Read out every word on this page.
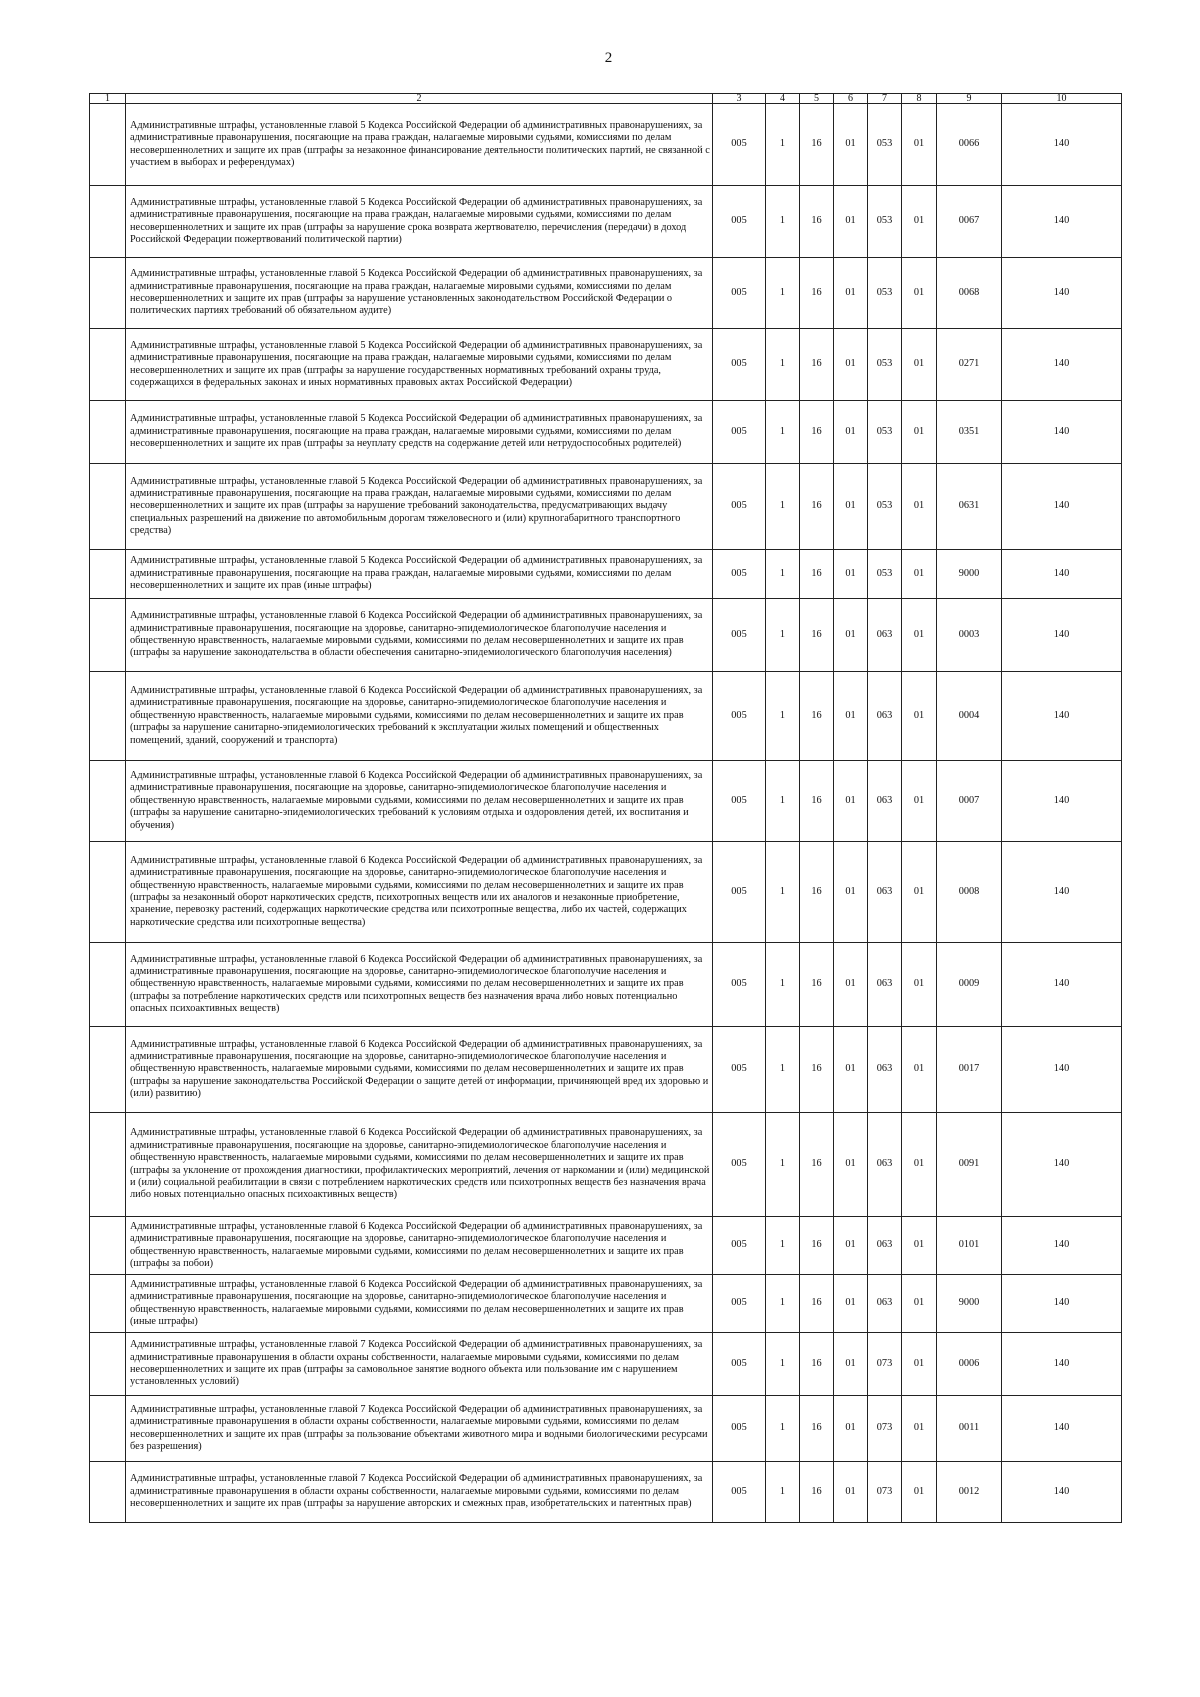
2
1	2	3	4	5	6	7	8	9	10
	Административные штрафы, установленные главой 5 Кодекса Российской Федерации об административных правонарушениях, за административные правонарушения, посягающие на права граждан, налагаемые мировыми судьями, комиссиями по делам несовершеннолетних и защите их прав (штрафы за незаконное финансирование деятельности политических партий, не связанной с участием в выборах и референдумах)	005	1	16	01	053	01	0066	140
	Административные штрафы, установленные главой 5 Кодекса Российской Федерации об административных правонарушениях, за административные правонарушения, посягающие на права граждан, налагаемые мировыми судьями, комиссиями по делам несовершеннолетних и защите их прав (штрафы за нарушение срока возврата жертвователю, перечисления (передачи) в доход Российской Федерации пожертвований политической партии)	005	1	16	01	053	01	0067	140
	Административные штрафы, установленные главой 5 Кодекса Российской Федерации об административных правонарушениях, за административные правонарушения, посягающие на права граждан, налагаемые мировыми судьями, комиссиями по делам несовершеннолетних и защите их прав (штрафы за нарушение установленных законодательством Российской Федерации о политических партиях требований об обязательном аудите)	005	1	16	01	053	01	0068	140
	Административные штрафы, установленные главой 5 Кодекса Российской Федерации об административных правонарушениях, за административные правонарушения, посягающие на права граждан, налагаемые мировыми судьями, комиссиями по делам несовершеннолетних и защите их прав (штрафы за нарушение государственных нормативных требований охраны труда, содержащихся в федеральных законах и иных нормативных правовых актах Российской Федерации)	005	1	16	01	053	01	0271	140
	Административные штрафы, установленные главой 5 Кодекса Российской Федерации об административных правонарушениях, за административные правонарушения, посягающие на права граждан, налагаемые мировыми судьями, комиссиями по делам несовершеннолетних и защите их прав (штрафы за неуплату средств на содержание детей или нетрудоспособных родителей)	005	1	16	01	053	01	0351	140
	Административные штрафы, установленные главой 5 Кодекса Российской Федерации об административных правонарушениях, за административные правонарушения, посягающие на права граждан, налагаемые мировыми судьями, комиссиями по делам несовершеннолетних и защите их прав (штрафы за нарушение требований законодательства, предусматривающих выдачу специальных разрешений на движение по автомобильным дорогам тяжеловесного и (или) крупногабаритного транспортного средства)	005	1	16	01	053	01	0631	140
	Административные штрафы, установленные главой 5 Кодекса Российской Федерации об административных правонарушениях, за административные правонарушения, посягающие на права граждан, налагаемые мировыми судьями, комиссиями по делам несовершеннолетних и защите их прав (иные штрафы)	005	1	16	01	053	01	9000	140
	Административные штрафы, установленные главой 6 Кодекса Российской Федерации об административных правонарушениях, за административные правонарушения, посягающие на здоровье, санитарно-эпидемиологическое благополучие населения и общественную нравственность, налагаемые мировыми судьями, комиссиями по делам несовершеннолетних и защите их прав (штрафы за нарушение законодательства в области обеспечения санитарно-эпидемиологического благополучия населения)	005	1	16	01	063	01	0003	140
	Административные штрафы, установленные главой 6 Кодекса Российской Федерации об административных правонарушениях, за административные правонарушения, посягающие на здоровье, санитарно-эпидемиологическое благополучие населения и общественную нравственность, налагаемые мировыми судьями, комиссиями по делам несовершеннолетних и защите их прав (штрафы за нарушение санитарно-эпидемиологических требований к эксплуатации жилых помещений и общественных помещений, зданий, сооружений и транспорта)	005	1	16	01	063	01	0004	140
	Административные штрафы, установленные главой 6 Кодекса Российской Федерации об административных правонарушениях, за административные правонарушения, посягающие на здоровье, санитарно-эпидемиологическое благополучие населения и общественную нравственность, налагаемые мировыми судьями, комиссиями по делам несовершеннолетних и защите их прав (штрафы за нарушение санитарно-эпидемиологических требований к условиям отдыха и оздоровления детей, их воспитания и обучения)	005	1	16	01	063	01	0007	140
	Административные штрафы, установленные главой 6 Кодекса Российской Федерации об административных правонарушениях, за административные правонарушения, посягающие на здоровье, санитарно-эпидемиологическое благополучие населения и общественную нравственность, налагаемые мировыми судьями, комиссиями по делам несовершеннолетних и защите их прав (штрафы за незаконный оборот наркотических средств, психотропных веществ или их аналогов и незаконные приобретение, хранение, перевозку растений, содержащих наркотические средства или психотропные вещества, либо их частей, содержащих наркотические средства или психотропные вещества)	005	1	16	01	063	01	0008	140
	Административные штрафы, установленные главой 6 Кодекса Российской Федерации об административных правонарушениях, за административные правонарушения, посягающие на здоровье, санитарно-эпидемиологическое благополучие населения и общественную нравственность, налагаемые мировыми судьями, комиссиями по делам несовершеннолетних и защите их прав (штрафы за потребление наркотических средств или психотропных веществ без назначения врача либо новых потенциально опасных психоактивных веществ)	005	1	16	01	063	01	0009	140
	Административные штрафы, установленные главой 6 Кодекса Российской Федерации об административных правонарушениях, за административные правонарушения, посягающие на здоровье, санитарно-эпидемиологическое благополучие населения и общественную нравственность, налагаемые мировыми судьями, комиссиями по делам несовершеннолетних и защите их прав (штрафы за нарушение законодательства Российской Федерации о защите детей от информации, причиняющей вред их здоровью и (или) развитию)	005	1	16	01	063	01	0017	140
	Административные штрафы, установленные главой 6 Кодекса Российской Федерации об административных правонарушениях, за административные правонарушения, посягающие на здоровье, санитарно-эпидемиологическое благополучие населения и общественную нравственность, налагаемые мировыми судьями, комиссиями по делам несовершеннолетних и защите их прав (штрафы за уклонение от прохождения диагностики, профилактических мероприятий, лечения от наркомании и (или) медицинской и (или) социальной реабилитации в связи с потреблением наркотических средств или психотропных веществ без назначения врача либо новых потенциально опасных психоактивных веществ)	005	1	16	01	063	01	0091	140
	Административные штрафы, установленные главой 6 Кодекса Российской Федерации об административных правонарушениях, за административные правонарушения, посягающие на здоровье, санитарно-эпидемиологическое благополучие населения и общественную нравственность, налагаемые мировыми судьями, комиссиями по делам несовершеннолетних и защите их прав (штрафы за побои)	005	1	16	01	063	01	0101	140
	Административные штрафы, установленные главой 6 Кодекса Российской Федерации об административных правонарушениях, за административные правонарушения, посягающие на здоровье, санитарно-эпидемиологическое благополучие населения и общественную нравственность, налагаемые мировыми судьями, комиссиями по делам несовершеннолетних и защите их прав (иные штрафы)	005	1	16	01	063	01	9000	140
	Административные штрафы, установленные главой 7 Кодекса Российской Федерации об административных правонарушениях, за административные правонарушения в области охраны собственности, налагаемые мировыми судьями, комиссиями по делам несовершеннолетних и защите их прав (штрафы за самовольное занятие водного объекта или пользование им с нарушением установленных условий)	005	1	16	01	073	01	0006	140
	Административные штрафы, установленные главой 7 Кодекса Российской Федерации об административных правонарушениях, за административные правонарушения в области охраны собственности, налагаемые мировыми судьями, комиссиями по делам несовершеннолетних и защите их прав (штрафы за пользование объектами животного мира и водными биологическими ресурсами без разрешения)	005	1	16	01	073	01	0011	140
	Административные штрафы, установленные главой 7 Кодекса Российской Федерации об административных правонарушениях, за административные правонарушения в области охраны собственности, налагаемые мировыми судьями, комиссиями по делам несовершеннолетних и защите их прав (штрафы за нарушение авторских и смежных прав, изобретательских и патентных прав)	005	1	16	01	073	01	0012	140
